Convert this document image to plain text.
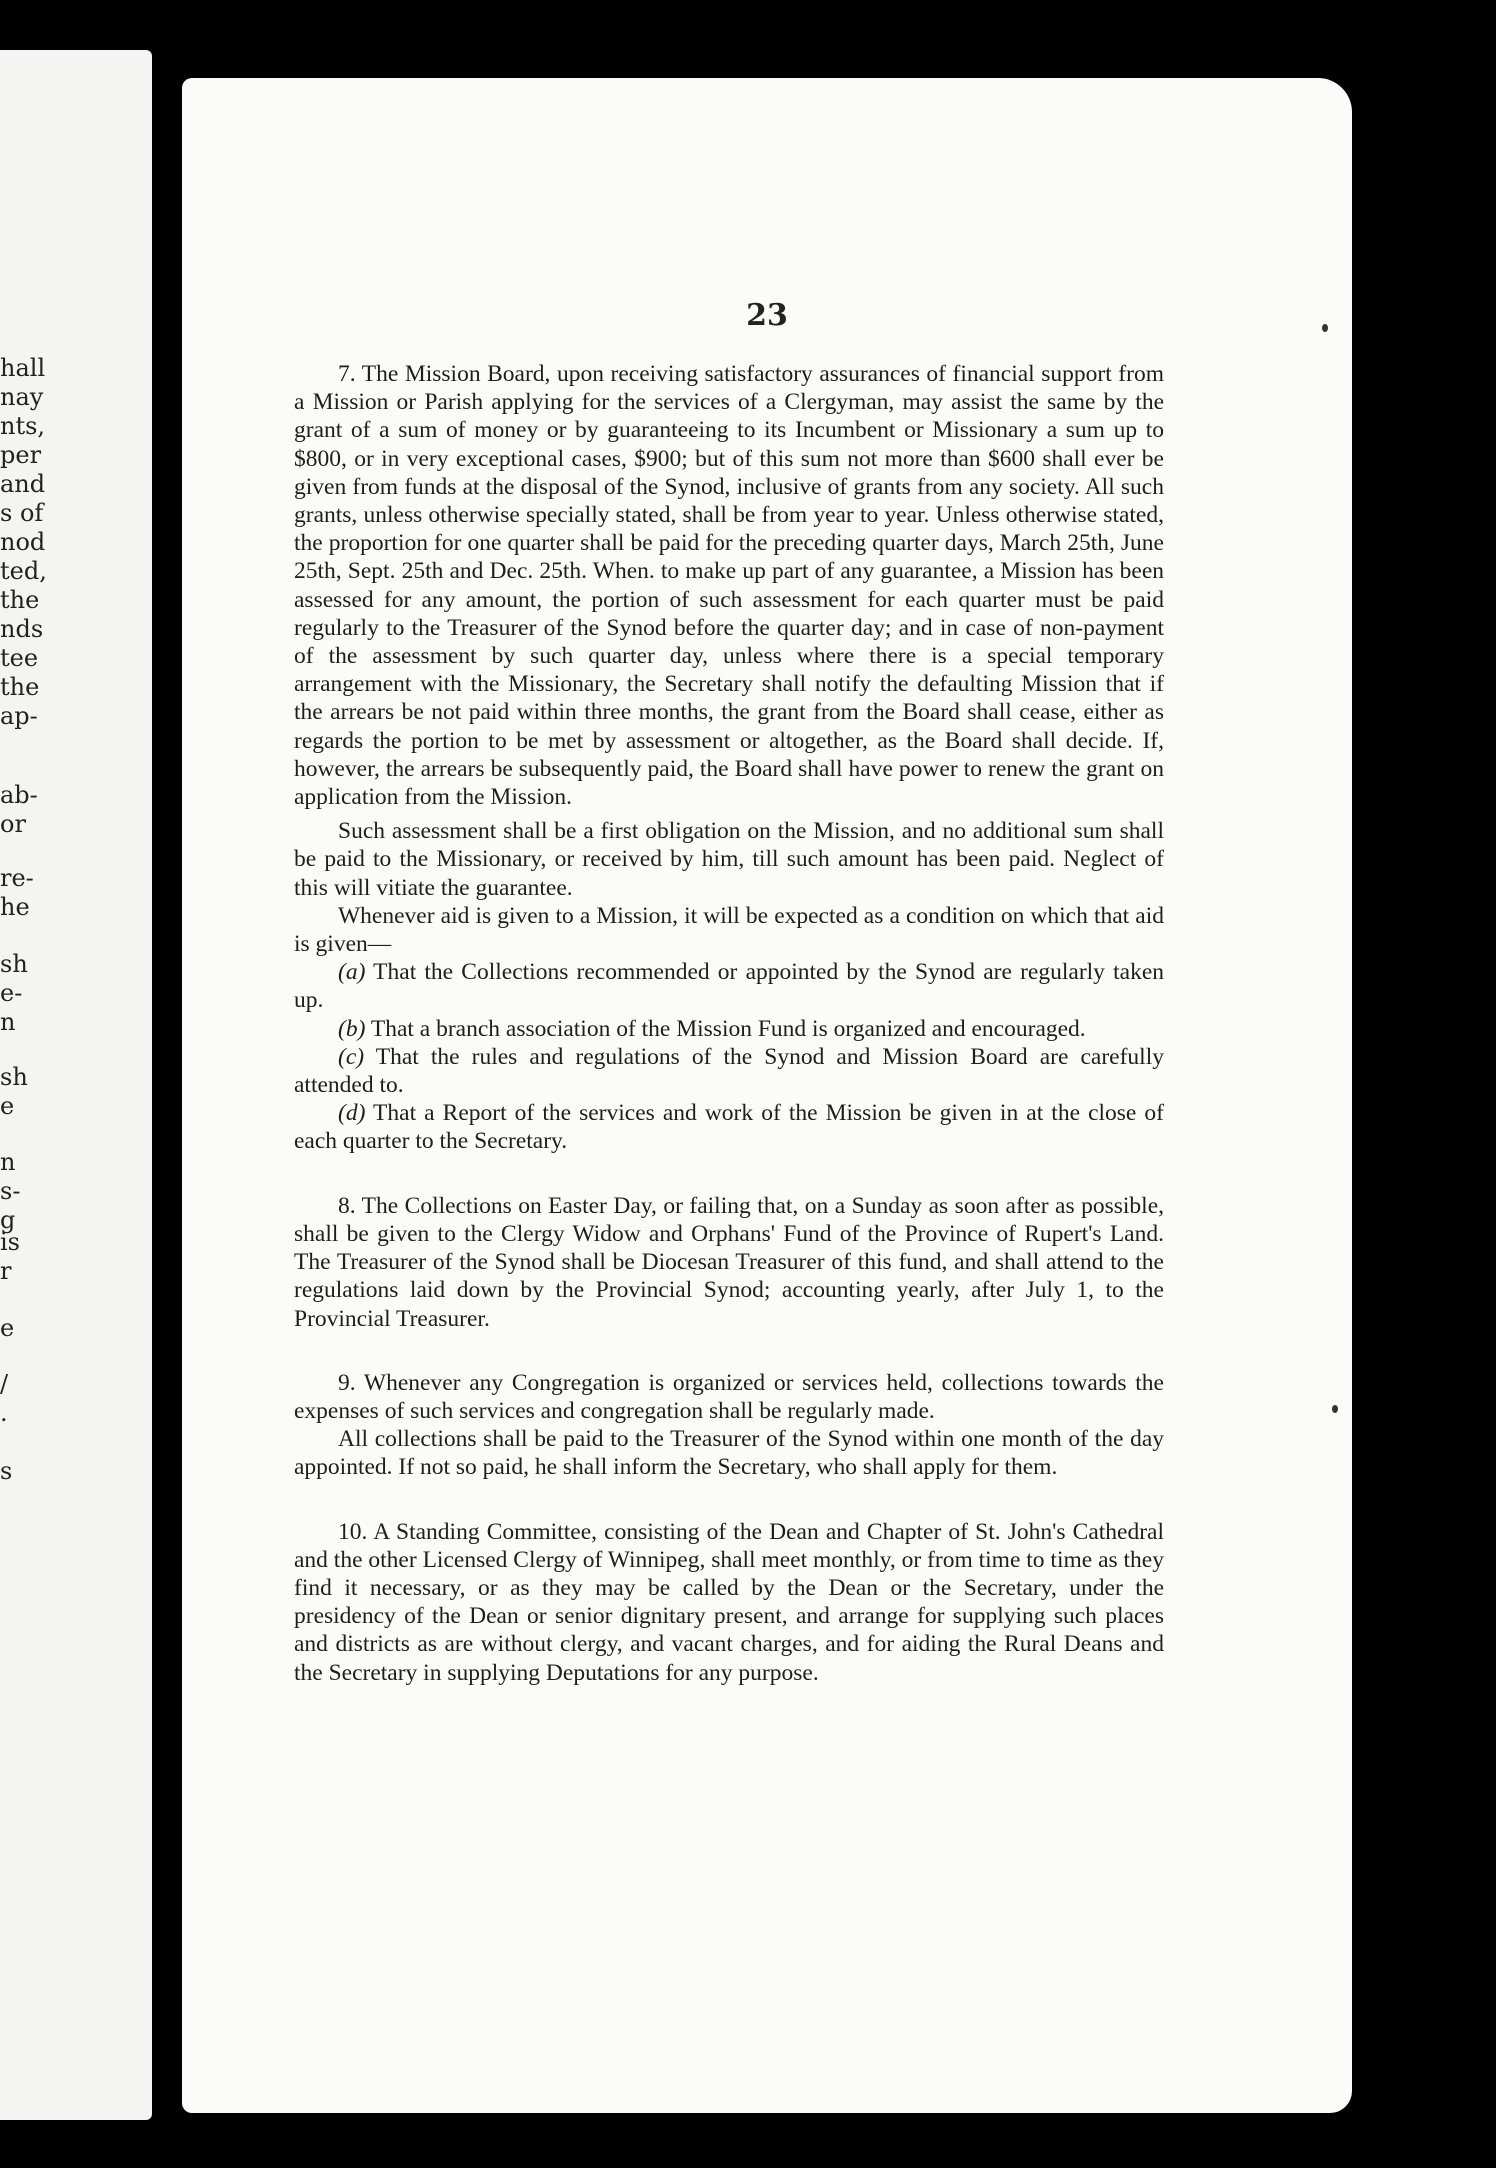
hall
nay
nts,
per
and
s of
nod
ted,
the
nds
tee
the
ap-
ab-
or
re-
he
sh
e-
n
sh
e
n
s-
g
is
r
e
/
.
s
23

7. The Mission Board, upon receiving satisfactory assurances of financial support from a Mission or Parish applying for the services of a Clergyman, may assist the same by the grant of a sum of money or by guaranteeing to its Incumbent or Missionary a sum up to $800, or in very exceptional cases, $900; but of this sum not more than $600 shall ever be given from funds at the disposal of the Synod, inclusive of grants from any society. All such grants, unless otherwise specially stated, shall be from year to year. Unless otherwise stated, the proportion for one quarter shall be paid for the preceding quarter days, March 25th, June 25th, Sept. 25th and Dec. 25th. When. to make up part of any guarantee, a Mission has been assessed for any amount, the portion of such assessment for each quarter must be paid regularly to the Treasurer of the Synod before the quarter day; and in case of non-payment of the assessment by such quarter day, unless where there is a special temporary arrangement with the Missionary, the Secretary shall notify the defaulting Mission that if the arrears be not paid within three months, the grant from the Board shall cease, either as regards the portion to be met by assessment or altogether, as the Board shall decide. If, however, the arrears be subsequently paid, the Board shall have power to renew the grant on application from the Mission.

Such assessment shall be a first obligation on the Mission, and no additional sum shall be paid to the Missionary, or received by him, till such amount has been paid. Neglect of this will vitiate the guarantee.

Whenever aid is given to a Mission, it will be expected as a condition on which that aid is given—

(a) That the Collections recommended or appointed by the Synod are regularly taken up.

(b) That a branch association of the Mission Fund is organized and encouraged.

(c) That the rules and regulations of the Synod and Mission Board are carefully attended to.

(d) That a Report of the services and work of the Mission be given in at the close of each quarter to the Secretary.

8. The Collections on Easter Day, or failing that, on a Sunday as soon after as possible, shall be given to the Clergy Widow and Orphans' Fund of the Province of Rupert's Land. The Treasurer of the Synod shall be Diocesan Treasurer of this fund, and shall attend to the regulations laid down by the Provincial Synod; accounting yearly, after July 1, to the Provincial Treasurer.

9. Whenever any Congregation is organized or services held, collections towards the expenses of such services and congregation shall be regularly made.

All collections shall be paid to the Treasurer of the Synod within one month of the day appointed. If not so paid, he shall inform the Secretary, who shall apply for them.

10. A Standing Committee, consisting of the Dean and Chapter of St. John's Cathedral and the other Licensed Clergy of Winnipeg, shall meet monthly, or from time to time as they find it necessary, or as they may be called by the Dean or the Secretary, under the presidency of the Dean or senior dignitary present, and arrange for supplying such places and districts as are without clergy, and vacant charges, and for aiding the Rural Deans and the Secretary in supplying Deputations for any purpose.
